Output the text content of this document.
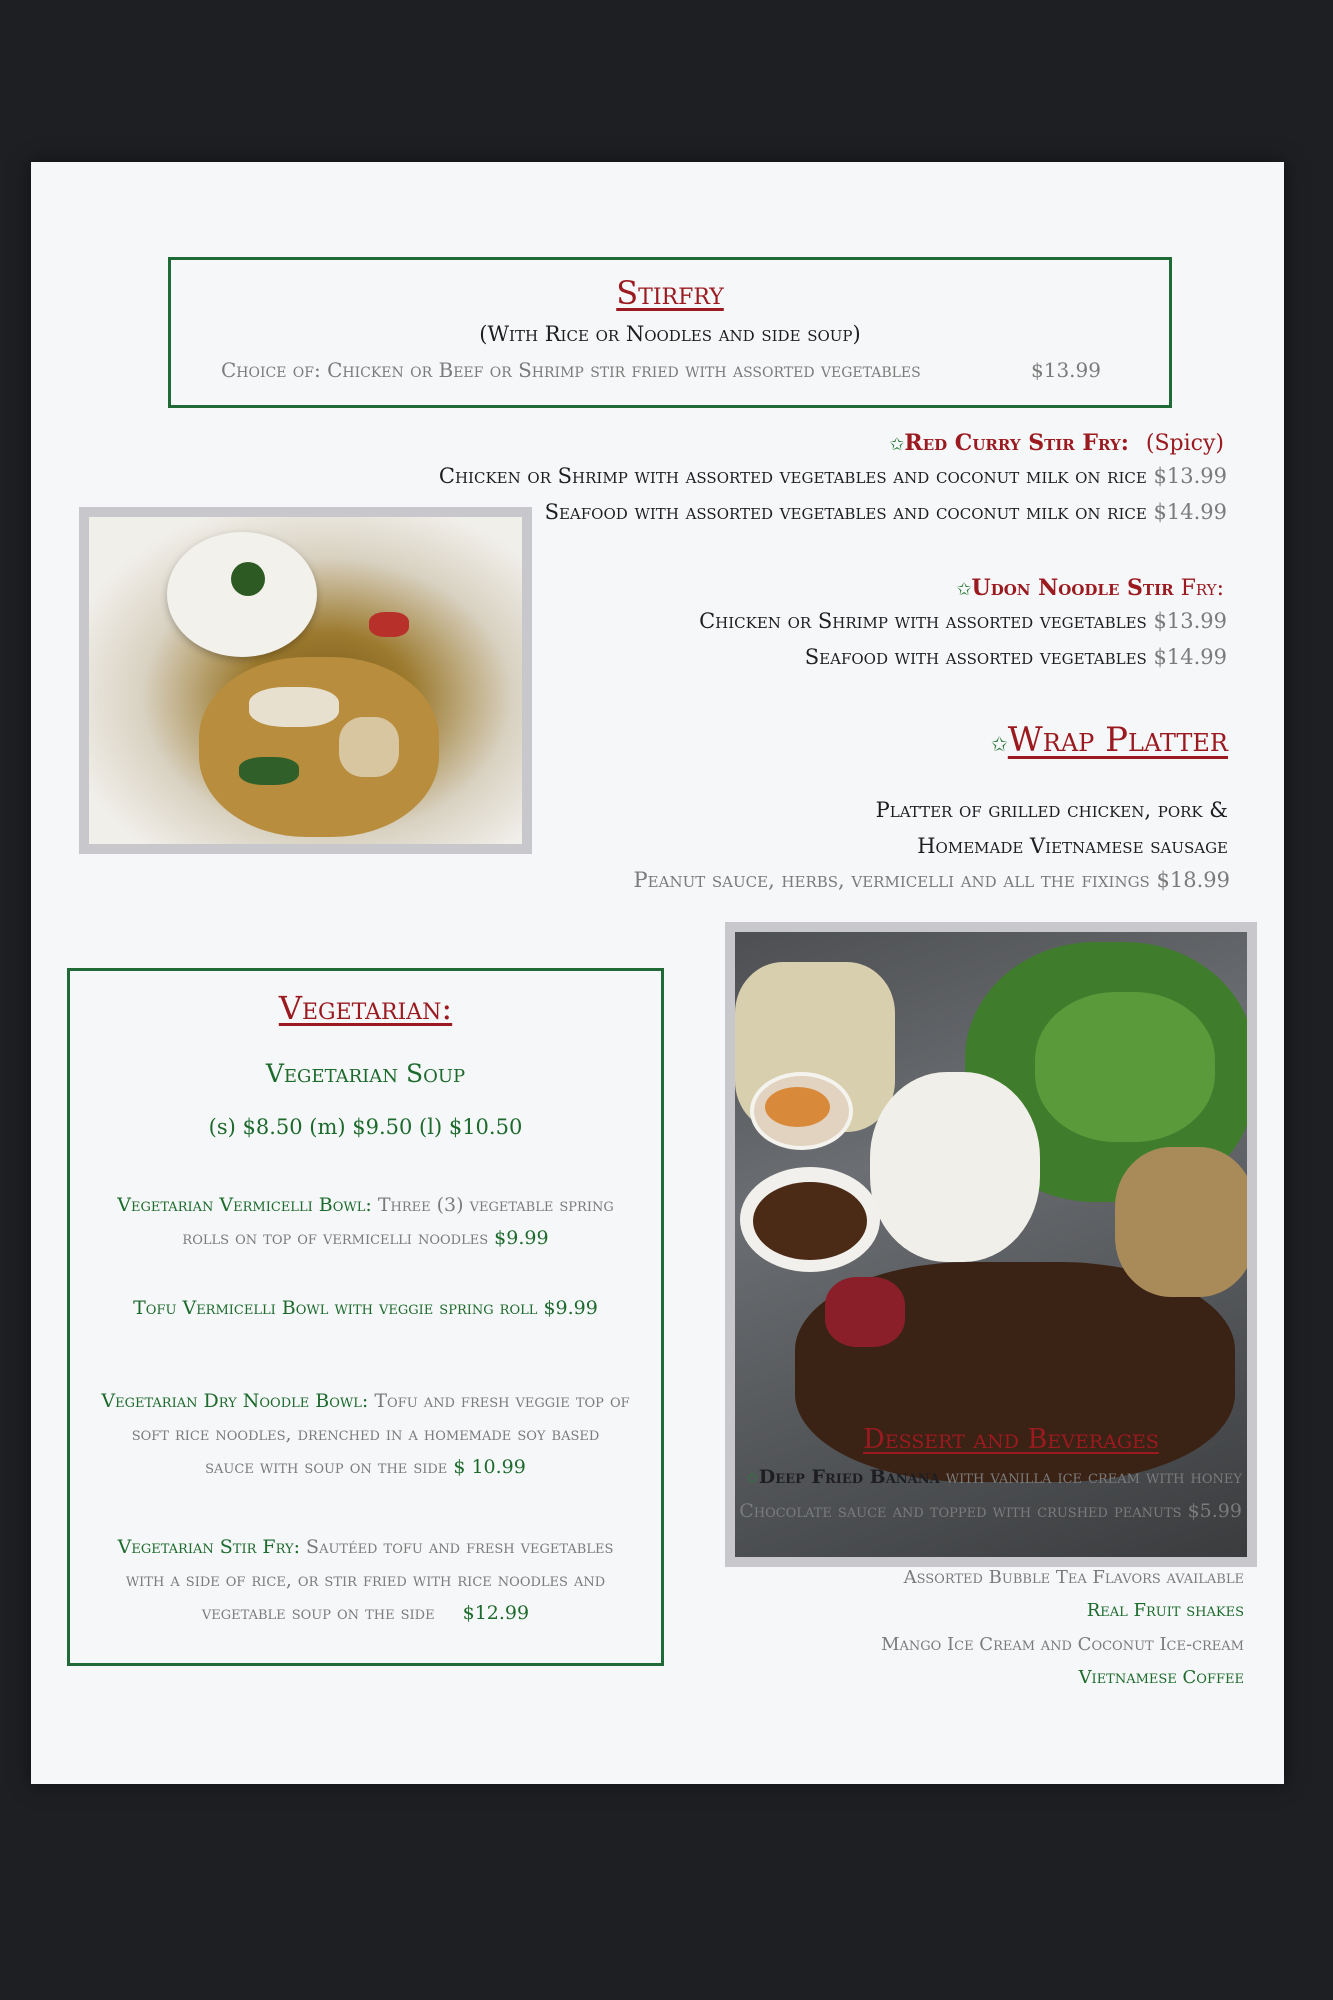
Stirfry
(With Rice or Noodles and side soup)
Choice of: Chicken or Beef or Shrimp stir fried with assorted vegetables	$13.99
✩Red Curry Stir Fry: (Spicy)
Chicken or Shrimp with assorted vegetables and coconut milk on rice $13.99
Seafood with assorted vegetables and coconut milk on rice $14.99
✩Udon Noodle Stir Fry:
Chicken or Shrimp with assorted vegetables $13.99
Seafood with assorted vegetables $14.99
✩Wrap Platter
Platter of grilled chicken, pork &
Homemade Vietnamese sausage
Peanut sauce, herbs, vermicelli and all the fixings $18.99
Vegetarian:
Vegetarian Soup
(s) $8.50 (m) $9.50 (l) $10.50
Vegetarian Vermicelli Bowl: Three (3) vegetable spring
rolls on top of vermicelli noodles $9.99
Tofu Vermicelli Bowl with veggie spring roll $9.99
Vegetarian Dry Noodle Bowl: Tofu and fresh veggie top of
soft rice noodles, drenched in a homemade soy based
sauce with soup on the side $ 10.99
Vegetarian Stir Fry: Sautéed tofu and fresh vegetables
with a side of rice, or stir fried with rice noodles and
vegetable soup on the side $12.99
Dessert and Beverages
✩Deep Fried Banana with vanilla ice cream with honey
Chocolate sauce and topped with crushed peanuts $5.99
Assorted Bubble Tea Flavors available
Real Fruit shakes
Mango Ice Cream and Coconut Ice-cream
Vietnamese Coffee
